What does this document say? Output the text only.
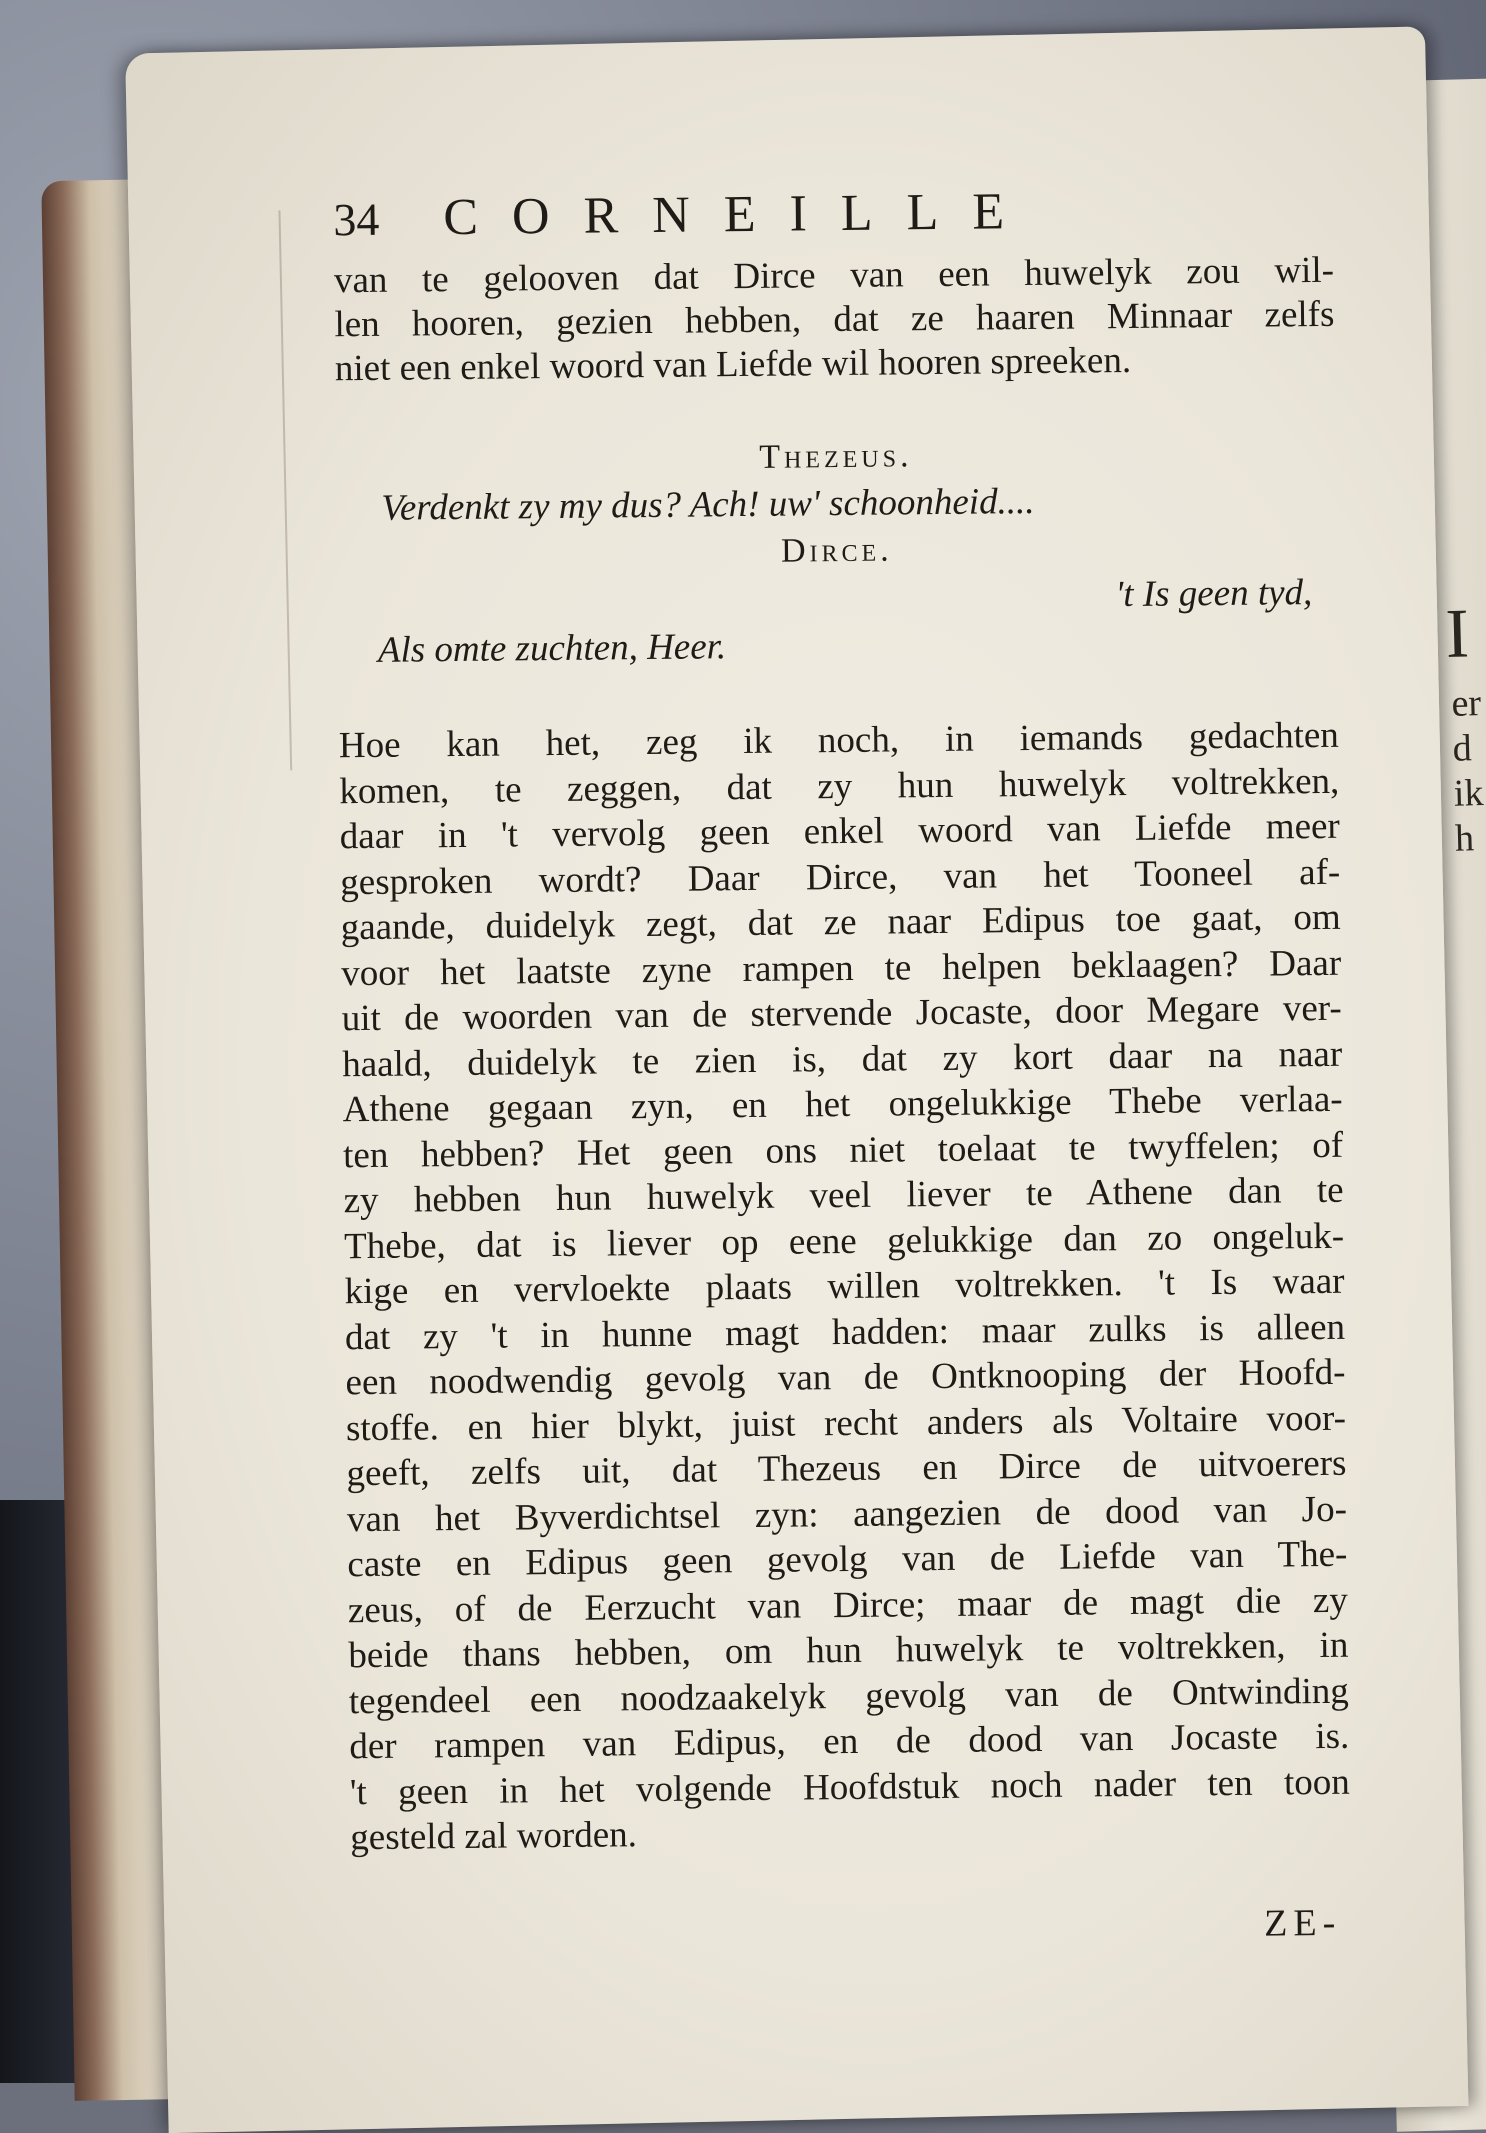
I
er
d
ik
h
34	CORNEILLE
van te gelooven dat Dirce van een huwelyk zou wil-
len hooren, gezien hebben, dat ze haaren Minnaar zelfs
niet een enkel woord van Liefde wil hooren spreeken.
Thezeus.
Verdenkt zy my dus? Ach! uw' schoonheid....
Dirce.
't Is geen tyd,
Als omte zuchten, Heer.
Hoe kan het, zeg ik noch, in iemands gedachten
komen, te zeggen, dat zy hun huwelyk voltrekken,
daar in 't vervolg geen enkel woord van Liefde meer
gesproken wordt? Daar Dirce, van het Tooneel af-
gaande, duidelyk zegt, dat ze naar Edipus toe gaat, om
voor het laatste zyne rampen te helpen beklaagen? Daar
uit de woorden van de stervende Jocaste, door Megare ver-
haald, duidelyk te zien is, dat zy kort daar na naar
Athene gegaan zyn, en het ongelukkige Thebe verlaa-
ten hebben? Het geen ons niet toelaat te twyffelen; of
zy hebben hun huwelyk veel liever te Athene dan te
Thebe, dat is liever op eene gelukkige dan zo ongeluk-
kige en vervloekte plaats willen voltrekken. 't Is waar
dat zy 't in hunne magt hadden: maar zulks is alleen
een noodwendig gevolg van de Ontknooping der Hoofd-
stoffe. en hier blykt, juist recht anders als Voltaire voor-
geeft, zelfs uit, dat Thezeus en Dirce de uitvoerers
van het Byverdichtsel zyn: aangezien de dood van Jo-
caste en Edipus geen gevolg van de Liefde van The-
zeus, of de Eerzucht van Dirce; maar de magt die zy
beide thans hebben, om hun huwelyk te voltrekken, in
tegendeel een noodzaakelyk gevolg van de Ontwinding
der rampen van Edipus, en de dood van Jocaste is.
't geen in het volgende Hoofdstuk noch nader ten toon
gesteld zal worden.
ZE-
